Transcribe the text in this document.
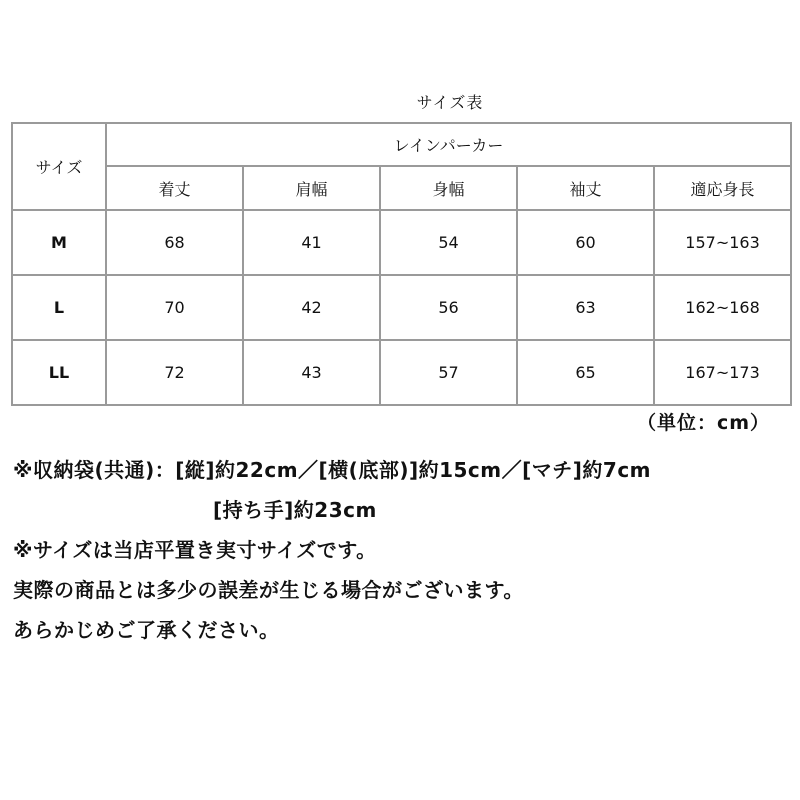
サイズ表
サイズ	レインパーカー				
	着丈	肩幅	身幅	袖丈	適応身長
M	68	41	54	60	157~163
L	70	42	56	63	162~168
LL	72	43	57	65	167~173
（単位：cm）
※収納袋(共通)：[縦]約22cm／[横(底部)]約15cm／[マチ]約7cm
[持ち手]約23cm
※サイズは当店平置き実寸サイズです。
実際の商品とは多少の誤差が生じる場合がございます。
あらかじめご了承ください。
